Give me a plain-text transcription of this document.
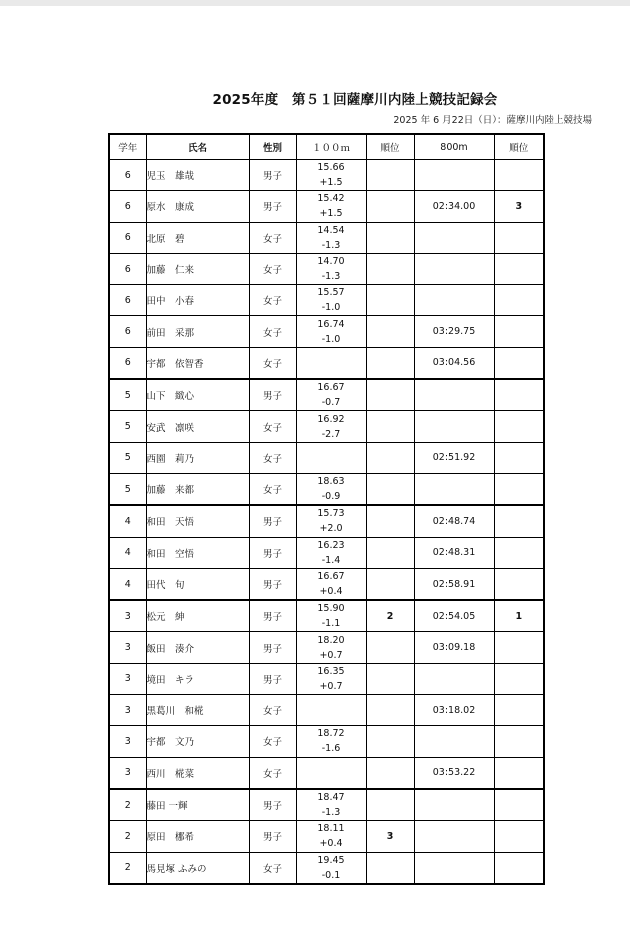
2025年度　第５１回薩摩川内陸上競技記録会
2025 年 6 月22日（日）：薩摩川内陸上競技場
学年	氏名	性別	１００ｍ	順位	800m	順位
6	児玉　雄哉	男子	15.66
+1.5			

6	原水　康成	男子	15.42
+1.5		02:34.00	3
6	北原　碧	女子	14.54
-1.3			

6	加藤　仁来	女子	14.70
-1.3			

6	田中　小春	女子	15.57
-1.0			

6	前田　采那	女子	16.74
-1.0		03:29.75	
6	宇都　依智香	女子			03:04.56	
5	山下　緻心	男子	16.67
-0.7			

5	安武　凛咲	女子	16.92
-2.7			

5	西園　莉乃	女子			02:51.92	
5	加藤　来都	女子	18.63
-0.9			

4	和田　天悟	男子	15.73
+2.0		02:48.74	
4	和田　空悟	男子	16.23
-1.4		02:48.31	
4	田代　旬	男子	16.67
+0.4		02:58.91	
3	松元　紳	男子	15.90
-1.1	2	02:54.05	1
3	飯田　湊介	男子	18.20
+0.7		03:09.18	
3	境田　キラ	男子	16.35
+0.7			

3	黒葛川　和椛	女子			03:18.02	
3	宇都　文乃	女子	18.72
-1.6			

3	西川　椛菜	女子			03:53.22	
2	藤田 一輝	男子	18.47
-1.3			

2	原田　梛希	男子	18.11
+0.4	3		
2	馬見塚 ふみの	女子	19.45
-0.1			
